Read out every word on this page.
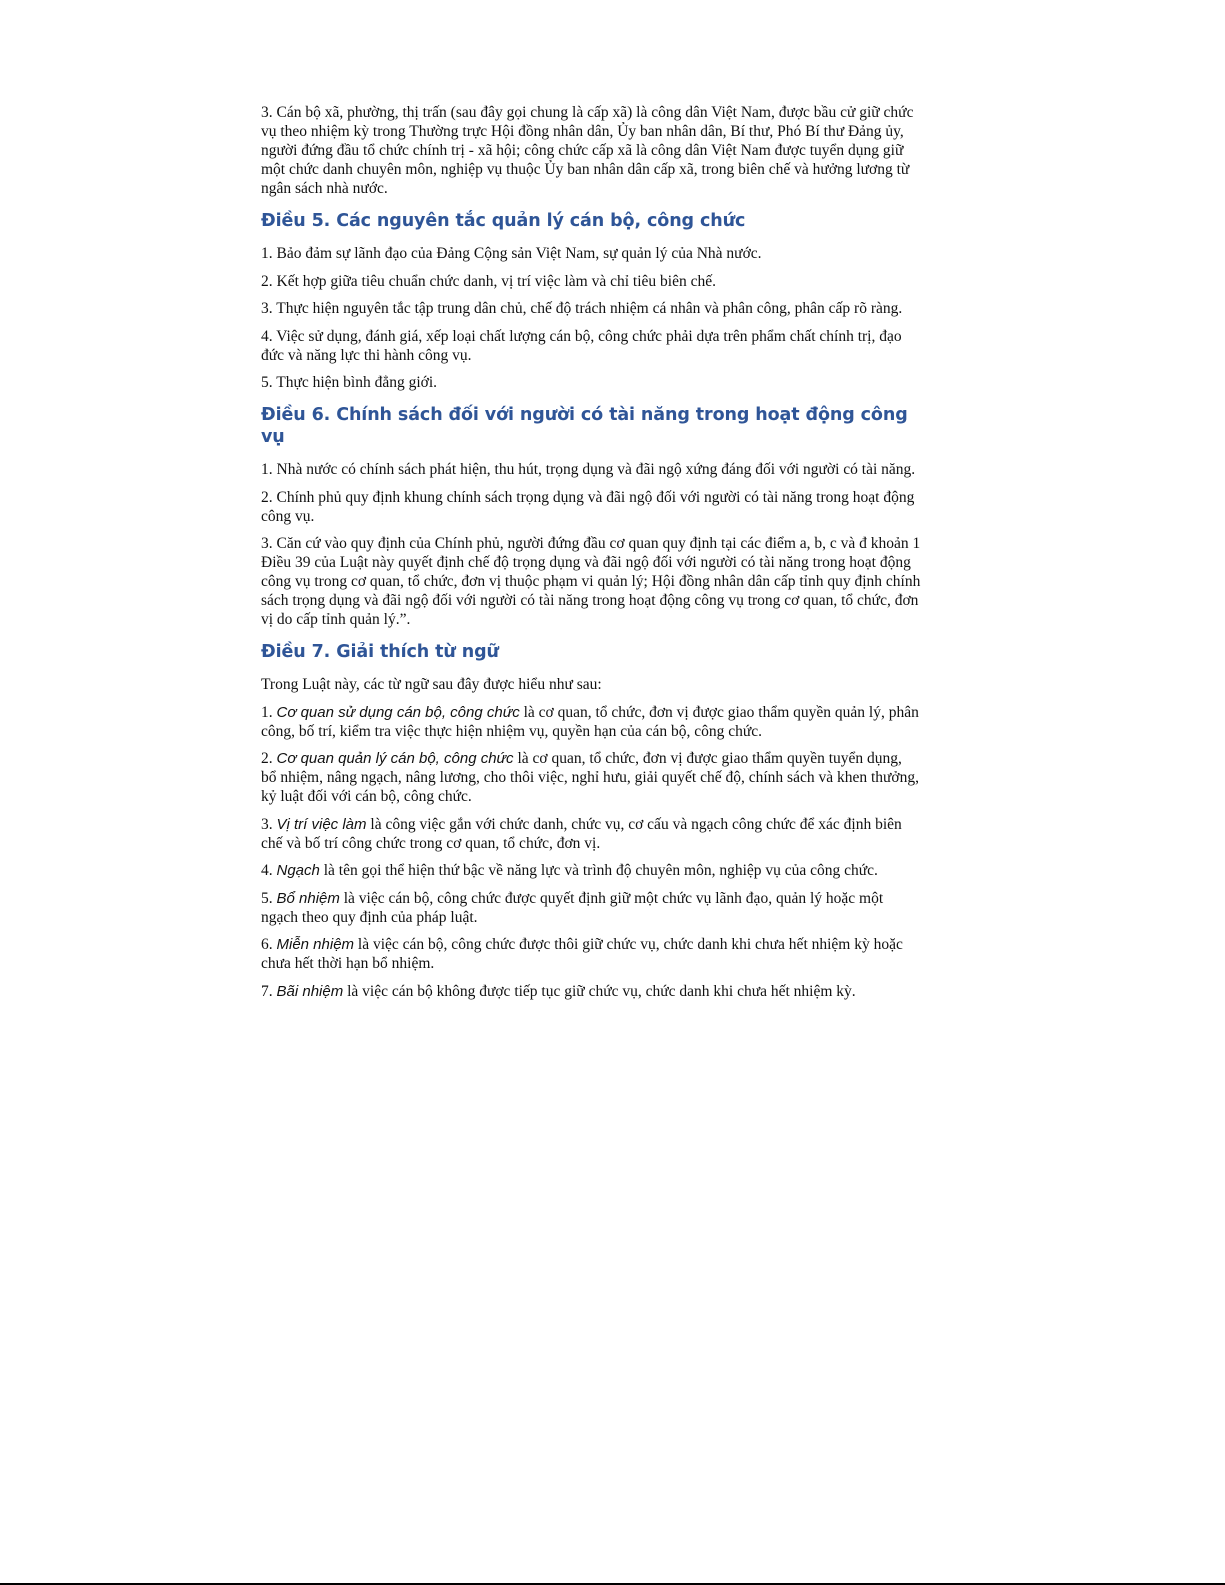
3. Cán bộ xã, phường, thị trấn (sau đây gọi chung là cấp xã) là công dân Việt Nam, được bầu cử giữ chức vụ theo nhiệm kỳ trong Thường trực Hội đồng nhân dân, Ủy ban nhân dân, Bí thư, Phó Bí thư Đảng ủy, người đứng đầu tổ chức chính trị - xã hội; công chức cấp xã là công dân Việt Nam được tuyển dụng giữ một chức danh chuyên môn, nghiệp vụ thuộc Ủy ban nhân dân cấp xã, trong biên chế và hưởng lương từ ngân sách nhà nước.

Điều 5. Các nguyên tắc quản lý cán bộ, công chức

1. Bảo đảm sự lãnh đạo của Đảng Cộng sản Việt Nam, sự quản lý của Nhà nước.

2. Kết hợp giữa tiêu chuẩn chức danh, vị trí việc làm và chỉ tiêu biên chế.

3. Thực hiện nguyên tắc tập trung dân chủ, chế độ trách nhiệm cá nhân và phân công, phân cấp rõ ràng.

4. Việc sử dụng, đánh giá, xếp loại chất lượng cán bộ, công chức phải dựa trên phẩm chất chính trị, đạo đức và năng lực thi hành công vụ.

5. Thực hiện bình đẳng giới.

Điều 6. Chính sách đối với người có tài năng trong hoạt động công vụ

1. Nhà nước có chính sách phát hiện, thu hút, trọng dụng và đãi ngộ xứng đáng đối với người có tài năng.

2. Chính phủ quy định khung chính sách trọng dụng và đãi ngộ đối với người có tài năng trong hoạt động công vụ.

3. Căn cứ vào quy định của Chính phủ, người đứng đầu cơ quan quy định tại các điểm a, b, c và đ khoản 1 Điều 39 của Luật này quyết định chế độ trọng dụng và đãi ngộ đối với người có tài năng trong hoạt động công vụ trong cơ quan, tổ chức, đơn vị thuộc phạm vi quản lý; Hội đồng nhân dân cấp tỉnh quy định chính sách trọng dụng và đãi ngộ đối với người có tài năng trong hoạt động công vụ trong cơ quan, tổ chức, đơn vị do cấp tỉnh quản lý.”.

Điều 7. Giải thích từ ngữ

Trong Luật này, các từ ngữ sau đây được hiểu như sau:

1. Cơ quan sử dụng cán bộ, công chức là cơ quan, tổ chức, đơn vị được giao thẩm quyền quản lý, phân công, bố trí, kiểm tra việc thực hiện nhiệm vụ, quyền hạn của cán bộ, công chức.

2. Cơ quan quản lý cán bộ, công chức là cơ quan, tổ chức, đơn vị được giao thẩm quyền tuyển dụng, bổ nhiệm, nâng ngạch, nâng lương, cho thôi việc, nghỉ hưu, giải quyết chế độ, chính sách và khen thưởng, kỷ luật đối với cán bộ, công chức.

3. Vị trí việc làm là công việc gắn với chức danh, chức vụ, cơ cấu và ngạch công chức để xác định biên chế và bố trí công chức trong cơ quan, tổ chức, đơn vị.

4. Ngạch là tên gọi thể hiện thứ bậc về năng lực và trình độ chuyên môn, nghiệp vụ của công chức.

5. Bổ nhiệm là việc cán bộ, công chức được quyết định giữ một chức vụ lãnh đạo, quản lý hoặc một ngạch theo quy định của pháp luật.

6. Miễn nhiệm là việc cán bộ, công chức được thôi giữ chức vụ, chức danh khi chưa hết nhiệm kỳ hoặc chưa hết thời hạn bổ nhiệm.

7. Bãi nhiệm là việc cán bộ không được tiếp tục giữ chức vụ, chức danh khi chưa hết nhiệm kỳ.
